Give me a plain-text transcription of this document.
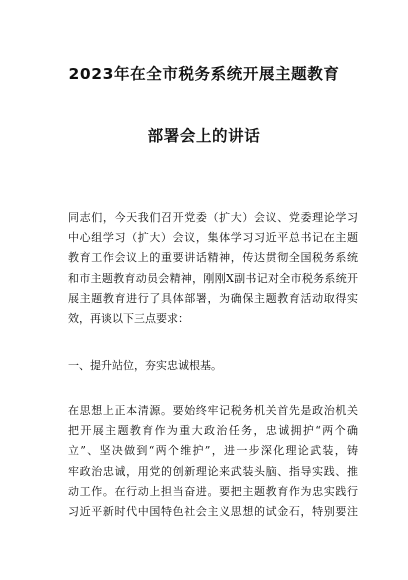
2023年在全市税务系统开展主题教育
部署会上的讲话
同志们，今天我们召开党委（扩大）会议、党委理论学习
中心组学习（扩大）会议，集体学习习近平总书记在主题
教育工作会议上的重要讲话精神，传达贯彻全国税务系统
和市主题教育动员会精神，刚刚X副书记对全市税务系统开
展主题教育进行了具体部署，为确保主题教育活动取得实
效，再谈以下三点要求：
一、提升站位，夯实忠诚根基。
在思想上正本清源。要始终牢记税务机关首先是政治机关
把开展主题教育作为重大政治任务，忠诚拥护“两个确
立”、坚决做到“两个维护”，进一步深化理论武装，铸
牢政治忠诚，用党的创新理论来武装头脑、指导实践、推
动工作。在行动上担当奋进。要把主题教育作为忠实践行
习近平新时代中国特色社会主义思想的试金石，特别要注
